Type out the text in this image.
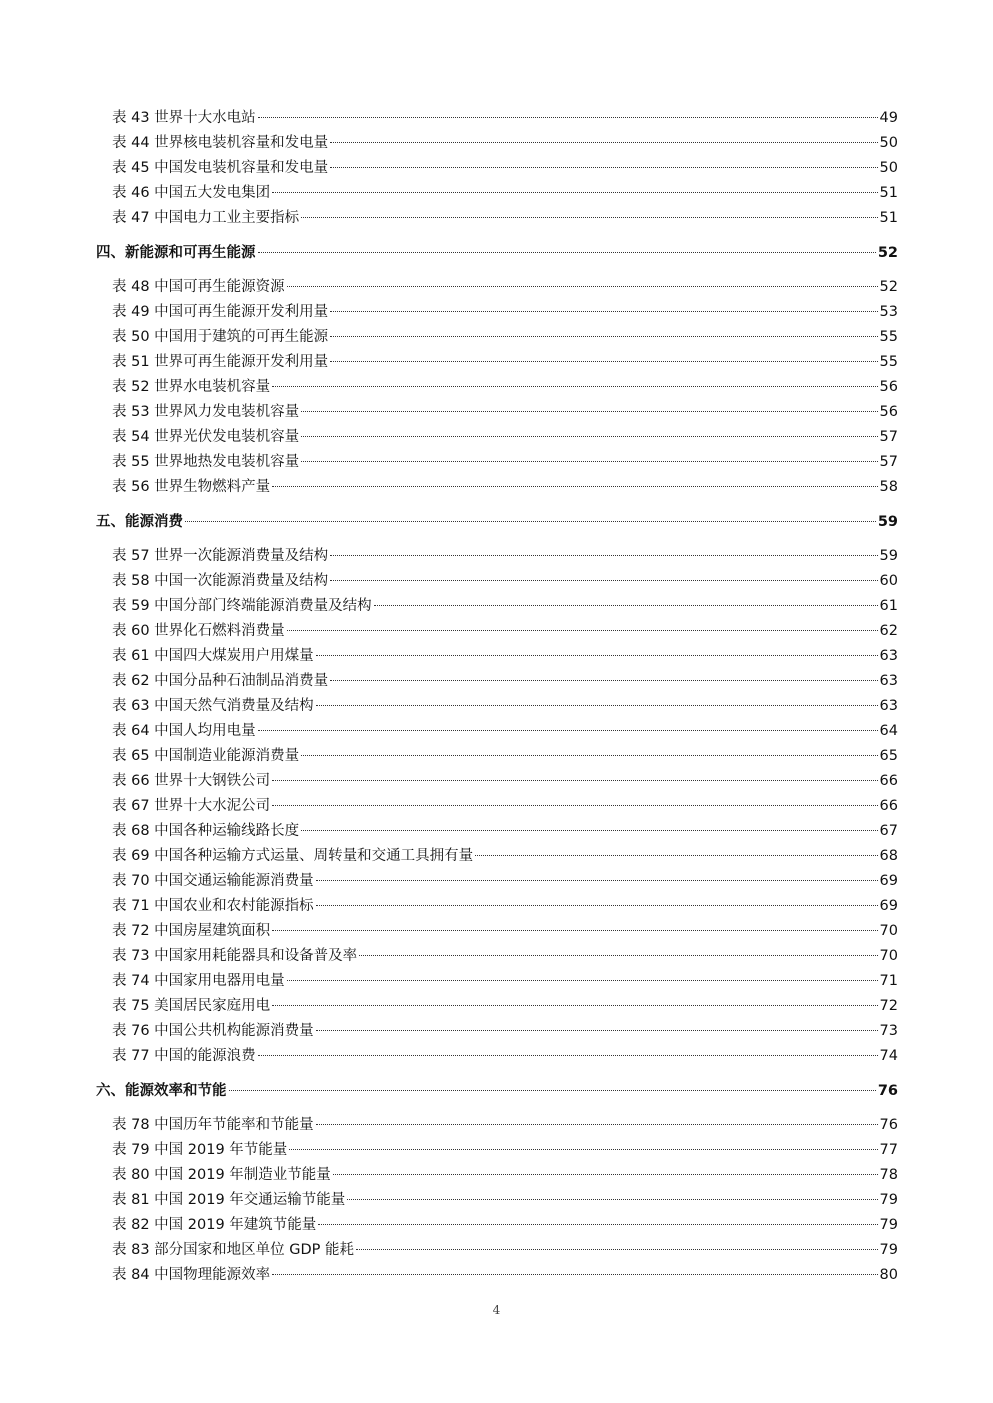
表 43 世界十大水电站	49
表 44 世界核电装机容量和发电量	50
表 45 中国发电装机容量和发电量	50
表 46 中国五大发电集团	51
表 47 中国电力工业主要指标	51
四、新能源和可再生能源	52
表 48 中国可再生能源资源	52
表 49 中国可再生能源开发利用量	53
表 50 中国用于建筑的可再生能源	55
表 51 世界可再生能源开发利用量	55
表 52 世界水电装机容量	56
表 53 世界风力发电装机容量	56
表 54 世界光伏发电装机容量	57
表 55 世界地热发电装机容量	57
表 56 世界生物燃料产量	58
五、能源消费	59
表 57 世界一次能源消费量及结构	59
表 58 中国一次能源消费量及结构	60
表 59 中国分部门终端能源消费量及结构	61
表 60 世界化石燃料消费量	62
表 61 中国四大煤炭用户用煤量	63
表 62 中国分品种石油制品消费量	63
表 63 中国天然气消费量及结构	63
表 64 中国人均用电量	64
表 65 中国制造业能源消费量	65
表 66 世界十大钢铁公司	66
表 67 世界十大水泥公司	66
表 68 中国各种运输线路长度	67
表 69 中国各种运输方式运量、周转量和交通工具拥有量	68
表 70 中国交通运输能源消费量	69
表 71 中国农业和农村能源指标	69
表 72 中国房屋建筑面积	70
表 73 中国家用耗能器具和设备普及率	70
表 74 中国家用电器用电量	71
表 75 美国居民家庭用电	72
表 76 中国公共机构能源消费量	73
表 77 中国的能源浪费	74
六、能源效率和节能	76
表 78 中国历年节能率和节能量	76
表 79 中国 2019 年节能量	77
表 80 中国 2019 年制造业节能量	78
表 81 中国 2019 年交通运输节能量	79
表 82 中国 2019 年建筑节能量	79
表 83 部分国家和地区单位 GDP 能耗	79
表 84 中国物理能源效率	80
4
